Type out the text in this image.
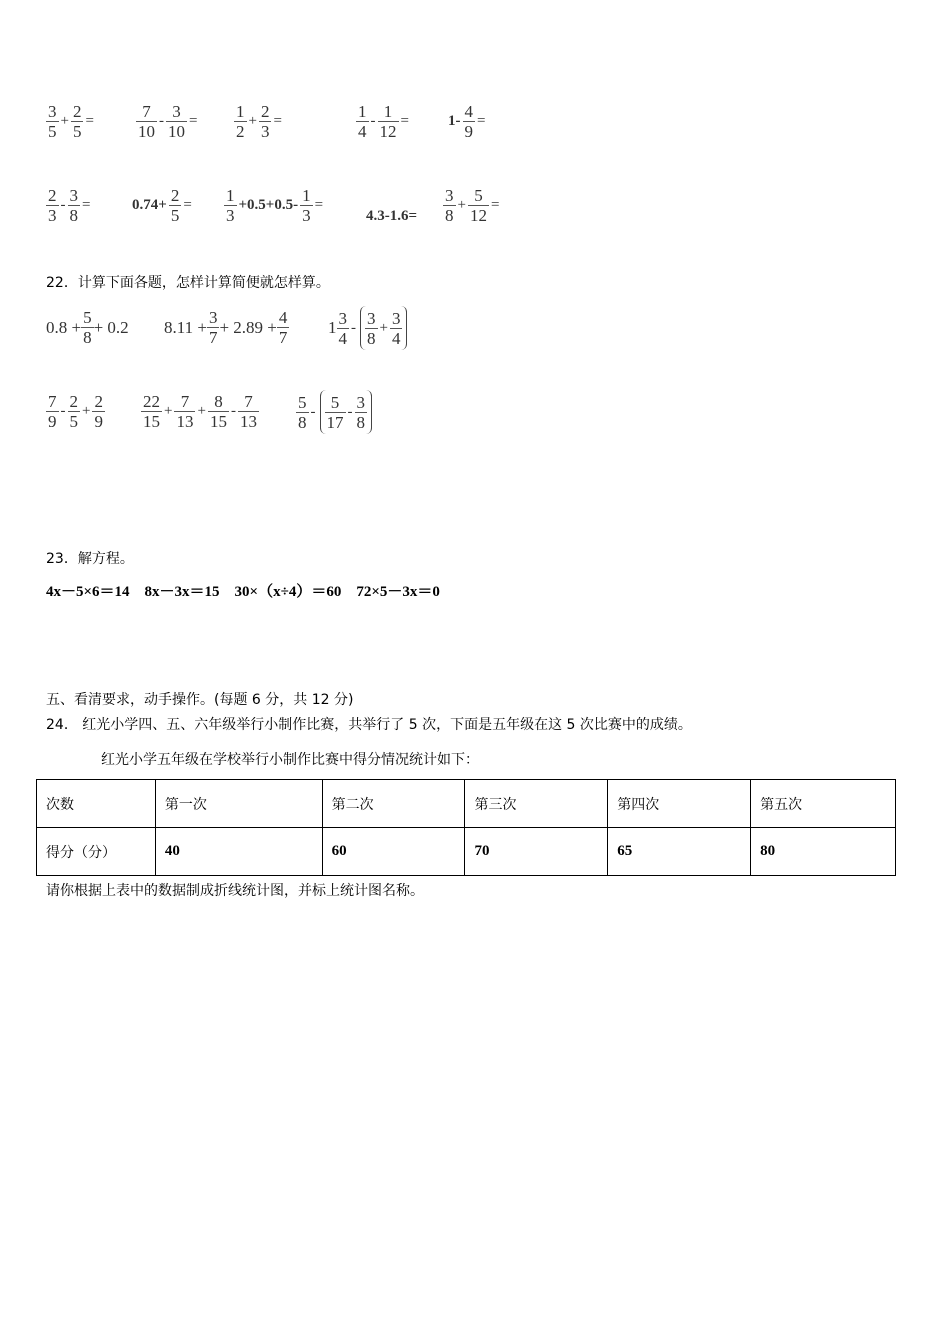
$\frac{3}{5} + \frac{2}{5} = \frac{7}{10} - \frac{3}{10} = \frac{1}{2} + \frac{2}{3}$ =	$\frac{1}{4} - \frac{1}{12}$ =	$1- \frac{4}{9}$ =
$\frac{2}{3} - \frac{3}{8}$ =	$0.74+ \frac{2}{5} = \frac{1}{3} +0.5+0.5- \frac{1}{3}$ =
$4.3-1.6= \frac{3}{8} + \frac{5}{12}$ =
22．计算下面各题，怎样计算简便就怎样算。
$0.8 + \frac{5}{8} + 0.2$ $8.11 + \frac{3}{7} + 2.89 + \frac{4}{7} 1 \frac{3}{4} - \frac{3}{8} + \frac{3}{4}$
$\frac{7}{9} - \frac{2}{5} + \frac{2}{9} \frac{22}{15} + \frac{7}{13} + \frac{8}{15} - \frac{7}{13} \frac{5}{8} - \frac{5}{17} - \frac{3}{8}$
23．解方程。
4x－5×6＝14　8x－3x＝15　30×（x÷4）＝60　72×5－3x＝0
五、看清要求，动手操作。(每题 6 分，共 12 分)
24． 红光小学四、五、六年级举行小制作比赛，共举行了 5 次，下面是五年级在这 5 次比赛中的成绩。
红光小学五年级在学校举行小制作比赛中得分情况统计如下：
次数	第一次	第二次	第三次	第四次	第五次
得分（分）	40	60	70	65	80
请你根据上表中的数据制成折线统计图，并标上统计图名称。
